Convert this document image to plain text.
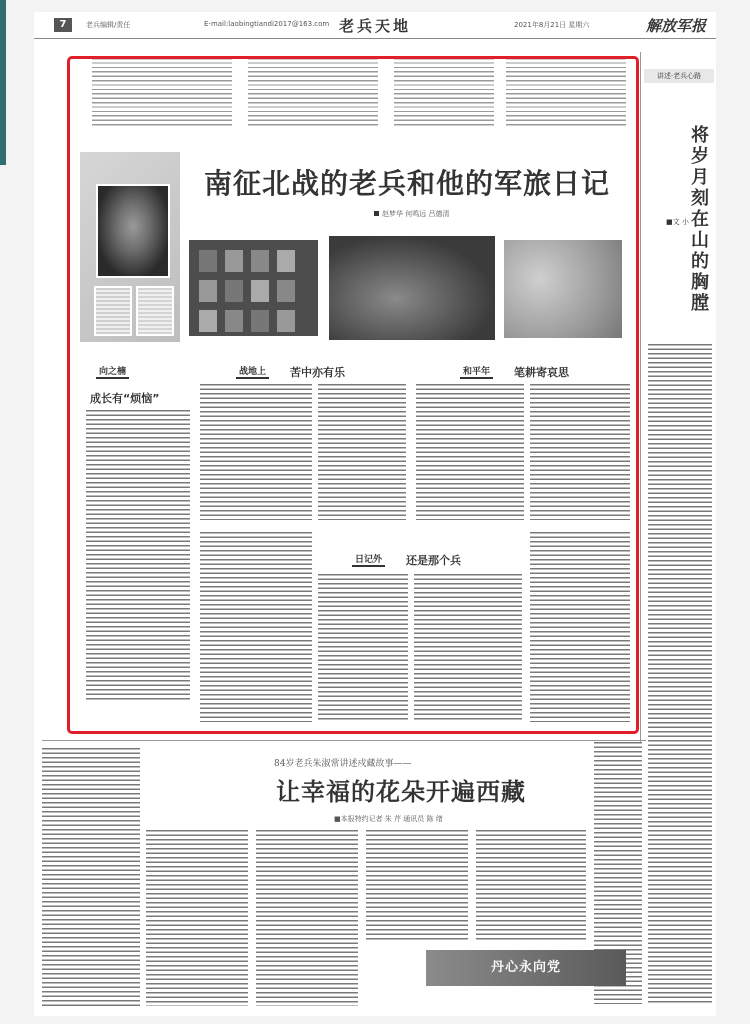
7	老兵编辑/责任	E-mail:laobingtiandi2017@163.com 老兵天地	2021年8月21日 星期六	解放军报
南征北战的老兵和他的军旅日记
赵梦华 何鸣远 吕德清
向之楠
成长有“烦恼”
战地上 苦中亦有乐	和平年 笔耕寄哀思
日记外 还是那个兵
讲述·老兵心路
将岁月刻在山的胸膛
■文 小
84岁老兵朱淑常讲述戍藏故事——
让幸福的花朵开遍西藏
■本报特约记者 朱 芹 通讯员 陈 绪
丹心永向党
